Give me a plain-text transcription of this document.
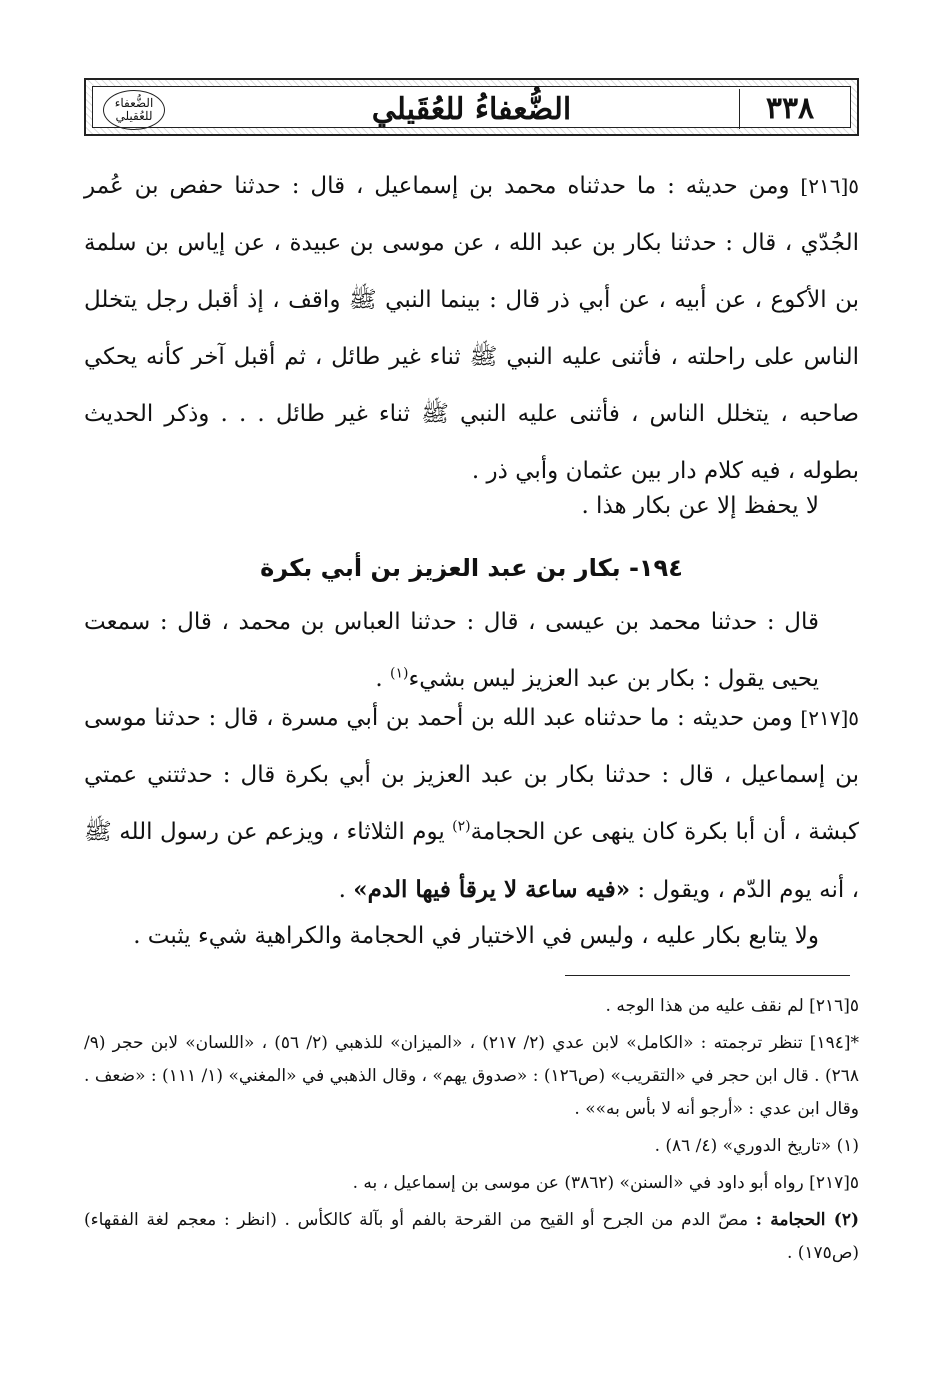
٣٣٨
الضُّعفاءُ للعُقَيلي
الضُّعفاء
للعُقيلي

٥[٢١٦] ومن حديثه : ما حدثناه محمد بن إسماعيل ، قال : حدثنا حفص بن عُمر الجُدّي ، قال : حدثنا بكار بن عبد الله ، عن موسى بن عبيدة ، عن إياس بن سلمة بن الأكوع ، عن أبيه ، عن أبي ذر قال : بينما النبي ﷺ واقف ، إذ أقبل رجل يتخلل الناس على راحلته ، فأثنى عليه النبي ﷺ ثناء غير طائل ، ثم أقبل آخر كأنه يحكي صاحبه ، يتخلل الناس ، فأثنى عليه النبي ﷺ ثناء غير طائل . . . وذكر الحديث بطوله ، فيه كلام دار بين عثمان وأبي ذر .

لا يحفظ إلا عن بكار هذا .

١٩٤- بكار بن عبد العزيز بن أبي بكرة

قال : حدثنا محمد بن عيسى ، قال : حدثنا العباس بن محمد ، قال : سمعت يحيى يقول : بكار بن عبد العزيز ليس بشيء$^{(١)}$ .

٥[٢١٧] ومن حديثه : ما حدثناه عبد الله بن أحمد بن أبي مسرة ، قال : حدثنا موسى بن إسماعيل ، قال : حدثنا بكار بن عبد العزيز بن أبي بكرة قال : حدثتني عمتي كبشة ، أن أبا بكرة كان ينهى عن الحجامة$^{(٢)}$ يوم الثلاثاء ، ويزعم عن رسول الله ﷺ ، أنه يوم الدّم ، ويقول : «فيه ساعة لا يرقأ فيها الدم» .

ولا يتابع بكار عليه ، وليس في الاختيار في الحجامة والكراهية شيء يثبت .

٥[٢١٦] لم نقف عليه من هذا الوجه .

*[١٩٤] تنظر ترجمته : «الكامل» لابن عدي (٢/ ٢١٧) ، «الميزان» للذهبي (٢/ ٥٦) ، «اللسان» لابن حجر (٩/ ٢٦٨) . قال ابن حجر في «التقريب» (ص١٢٦) : «صدوق يهم» ، وقال الذهبي في «المغني» (١/ ١١١) : «ضعف . وقال ابن عدي : «أرجو أنه لا بأس به»» .

(١) «تاريخ الدوري» (٤/ ٨٦) .

٥[٢١٧] رواه أبو داود في «السنن» (٣٨٦٢) عن موسى بن إسماعيل ، به .

(٢) الحجامة : مصّ الدم من الجرح أو القيح من القرحة بالفم أو بآلة كالكأس . (انظر : معجم لغة الفقهاء) (ص١٧٥) .
